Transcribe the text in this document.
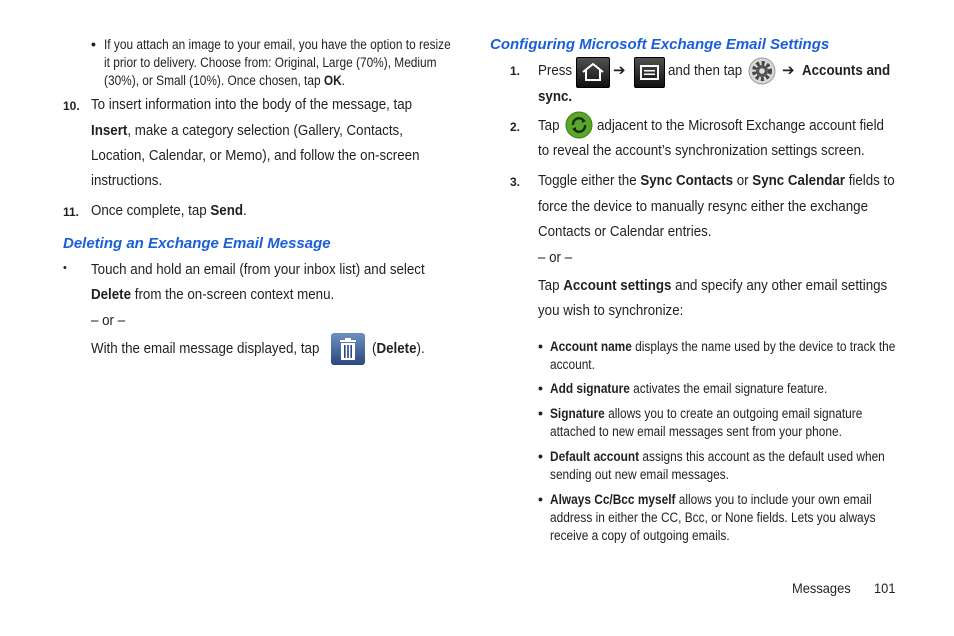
• If you attach an image to your email, you have the option to resize
it prior to delivery. Choose from: Original, Large (70%), Medium
(30%), or Small (10%). Once chosen, tap OK.
10. To insert information into the body of the message, tap
Insert, make a category selection (Gallery, Contacts,
Location, Calendar, or Memo), and follow the on-screen
instructions.
11. Once complete, tap Send.
Deleting an Exchange Email Message
• Touch and hold an email (from your inbox list) and select
Delete from the on-screen context menu.
– or –
With the email message displayed, tap	(Delete).
Configuring Microsoft Exchange Email Settings
1. Press	➔	and then tap	➔ Accounts and
sync.
2. Tap	adjacent to the Microsoft Exchange account field
to reveal the account’s synchronization settings screen.
3. Toggle either the Sync Contacts or Sync Calendar fields to
force the device to manually resync either the exchange
Contacts or Calendar entries.
– or –
Tap Account settings and specify any other email settings
you wish to synchronize:
• Account name displays the name used by the device to track the
account.
• Add signature activates the email signature feature.
• Signature allows you to create an outgoing email signature
attached to new email messages sent from your phone.
• Default account assigns this account as the default used when
sending out new email messages.
• Always Cc/Bcc myself allows you to include your own email
address in either the CC, Bcc, or None fields. Lets you always
receive a copy of outgoing emails.
Messages 101
